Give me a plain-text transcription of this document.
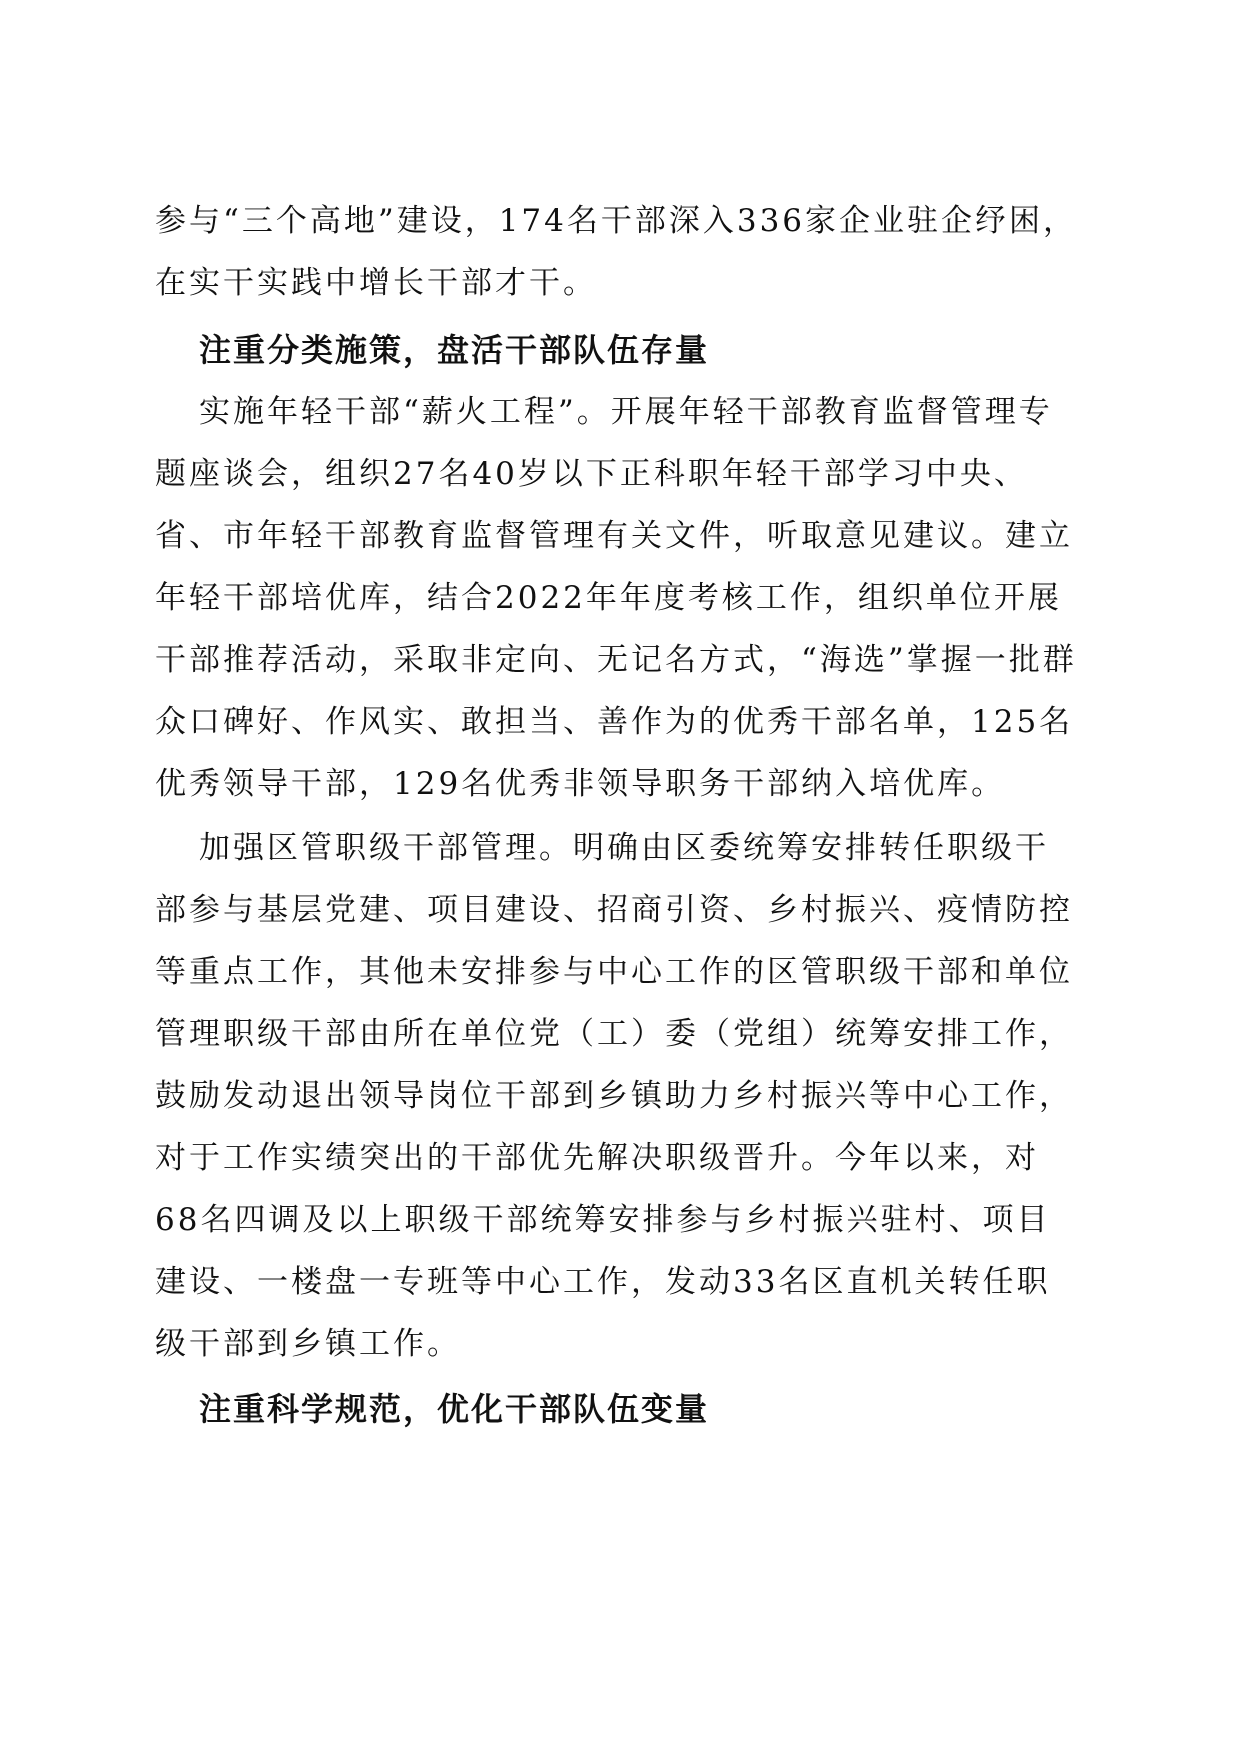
参与“三个高地”建设，174名干部深入336家企业驻企纾困，在实干实践中增长干部才干。

注重分类施策，盘活干部队伍存量

实施年轻干部“薪火工程”。开展年轻干部教育监督管理专题座谈会，组织27名40岁以下正科职年轻干部学习中央、省、市年轻干部教育监督管理有关文件，听取意见建议。建立年轻干部培优库，结合2022年年度考核工作，组织单位开展干部推荐活动，采取非定向、无记名方式，“海选”掌握一批群众口碑好、作风实、敢担当、善作为的优秀干部名单，125名优秀领导干部，129名优秀非领导职务干部纳入培优库。

加强区管职级干部管理。明确由区委统筹安排转任职级干部参与基层党建、项目建设、招商引资、乡村振兴、疫情防控等重点工作，其他未安排参与中心工作的区管职级干部和单位管理职级干部由所在单位党（工）委（党组）统筹安排工作，鼓励发动退出领导岗位干部到乡镇助力乡村振兴等中心工作，对于工作实绩突出的干部优先解决职级晋升。今年以来，对68名四调及以上职级干部统筹安排参与乡村振兴驻村、项目建设、一楼盘一专班等中心工作，发动33名区直机关转任职级干部到乡镇工作。

注重科学规范，优化干部队伍变量
